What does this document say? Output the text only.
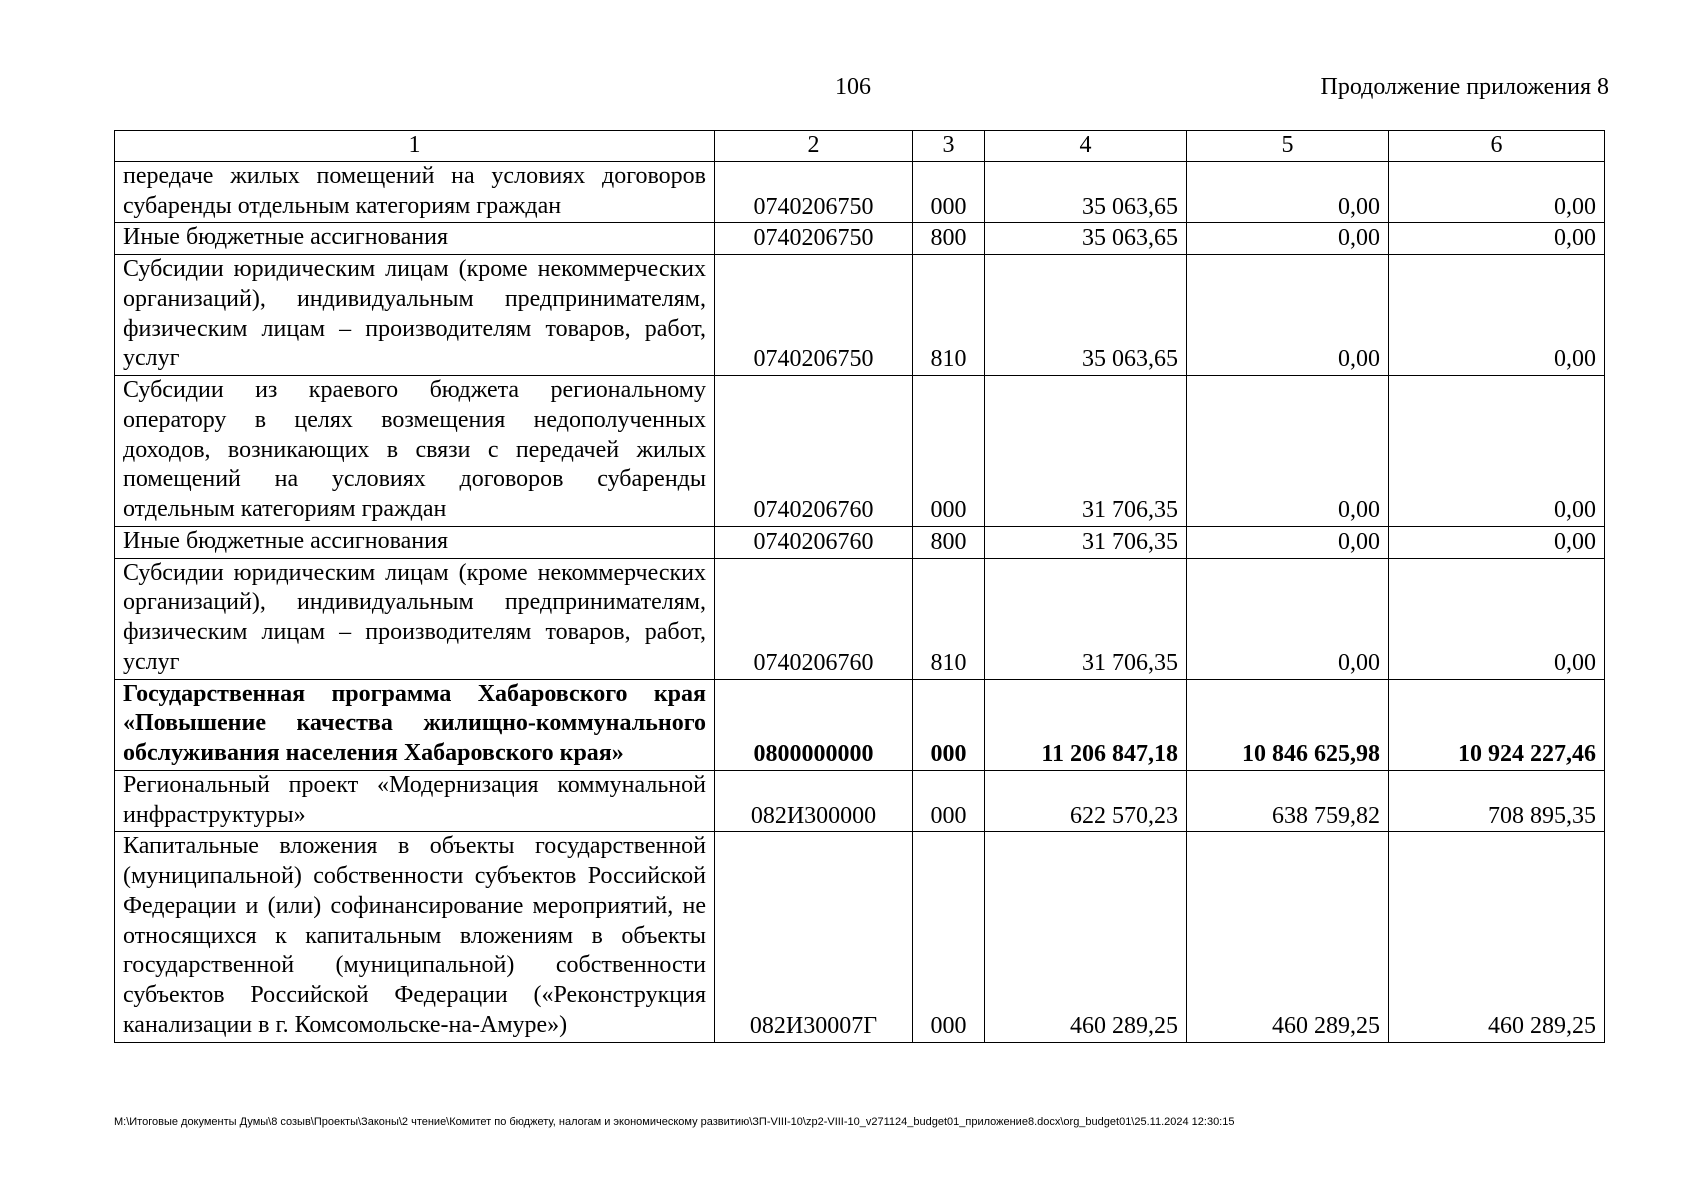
106	Продолжение приложения 8
1	2	3	4	5	6
передаче жилых помещений на условиях договоров субаренды отдельным категориям граждан	0740206750	000	35 063,65	0,00	0,00
Иные бюджетные ассигнования	0740206750	800	35 063,65	0,00	0,00
Субсидии юридическим лицам (кроме некоммерческих организаций), индивидуальным предпринимателям, физическим лицам – производителям товаров, работ, услуг	0740206750	810	35 063,65	0,00	0,00
Субсидии из краевого бюджета региональному оператору в целях возмещения недополученных доходов, возникающих в связи с передачей жилых помещений на условиях договоров субаренды отдельным категориям граждан	0740206760	000	31 706,35	0,00	0,00
Иные бюджетные ассигнования	0740206760	800	31 706,35	0,00	0,00
Субсидии юридическим лицам (кроме некоммерческих организаций), индивидуальным предпринимателям, физическим лицам – производителям товаров, работ, услуг	0740206760	810	31 706,35	0,00	0,00
Государственная программа Хабаровского края «Повышение качества жилищно-коммунального обслуживания населения Хабаровского края»	0800000000	000	11 206 847,18	10 846 625,98	10 924 227,46
Региональный проект «Модернизация коммунальной инфраструктуры»	082И300000	000	622 570,23	638 759,82	708 895,35
Капитальные вложения в объекты государственной (муниципальной) собственности субъектов Российской Федерации и (или) софинансирование мероприятий, не относящихся к капитальным вложениям в объекты государственной (муниципальной) собственности субъектов Российской Федерации («Реконструкция канализации в г. Комсомольске-на-Амуре»)	082И30007Г	000	460 289,25	460 289,25	460 289,25
M:\Итоговые документы Думы\8 созыв\Проекты\Законы\2 чтение\Комитет по бюджету, налогам и экономическому развитию\ЗП-VIII-10\zp2-VIII-10_v271124_budget01_приложение8.docx\org_budget01\25.11.2024 12:30:15
